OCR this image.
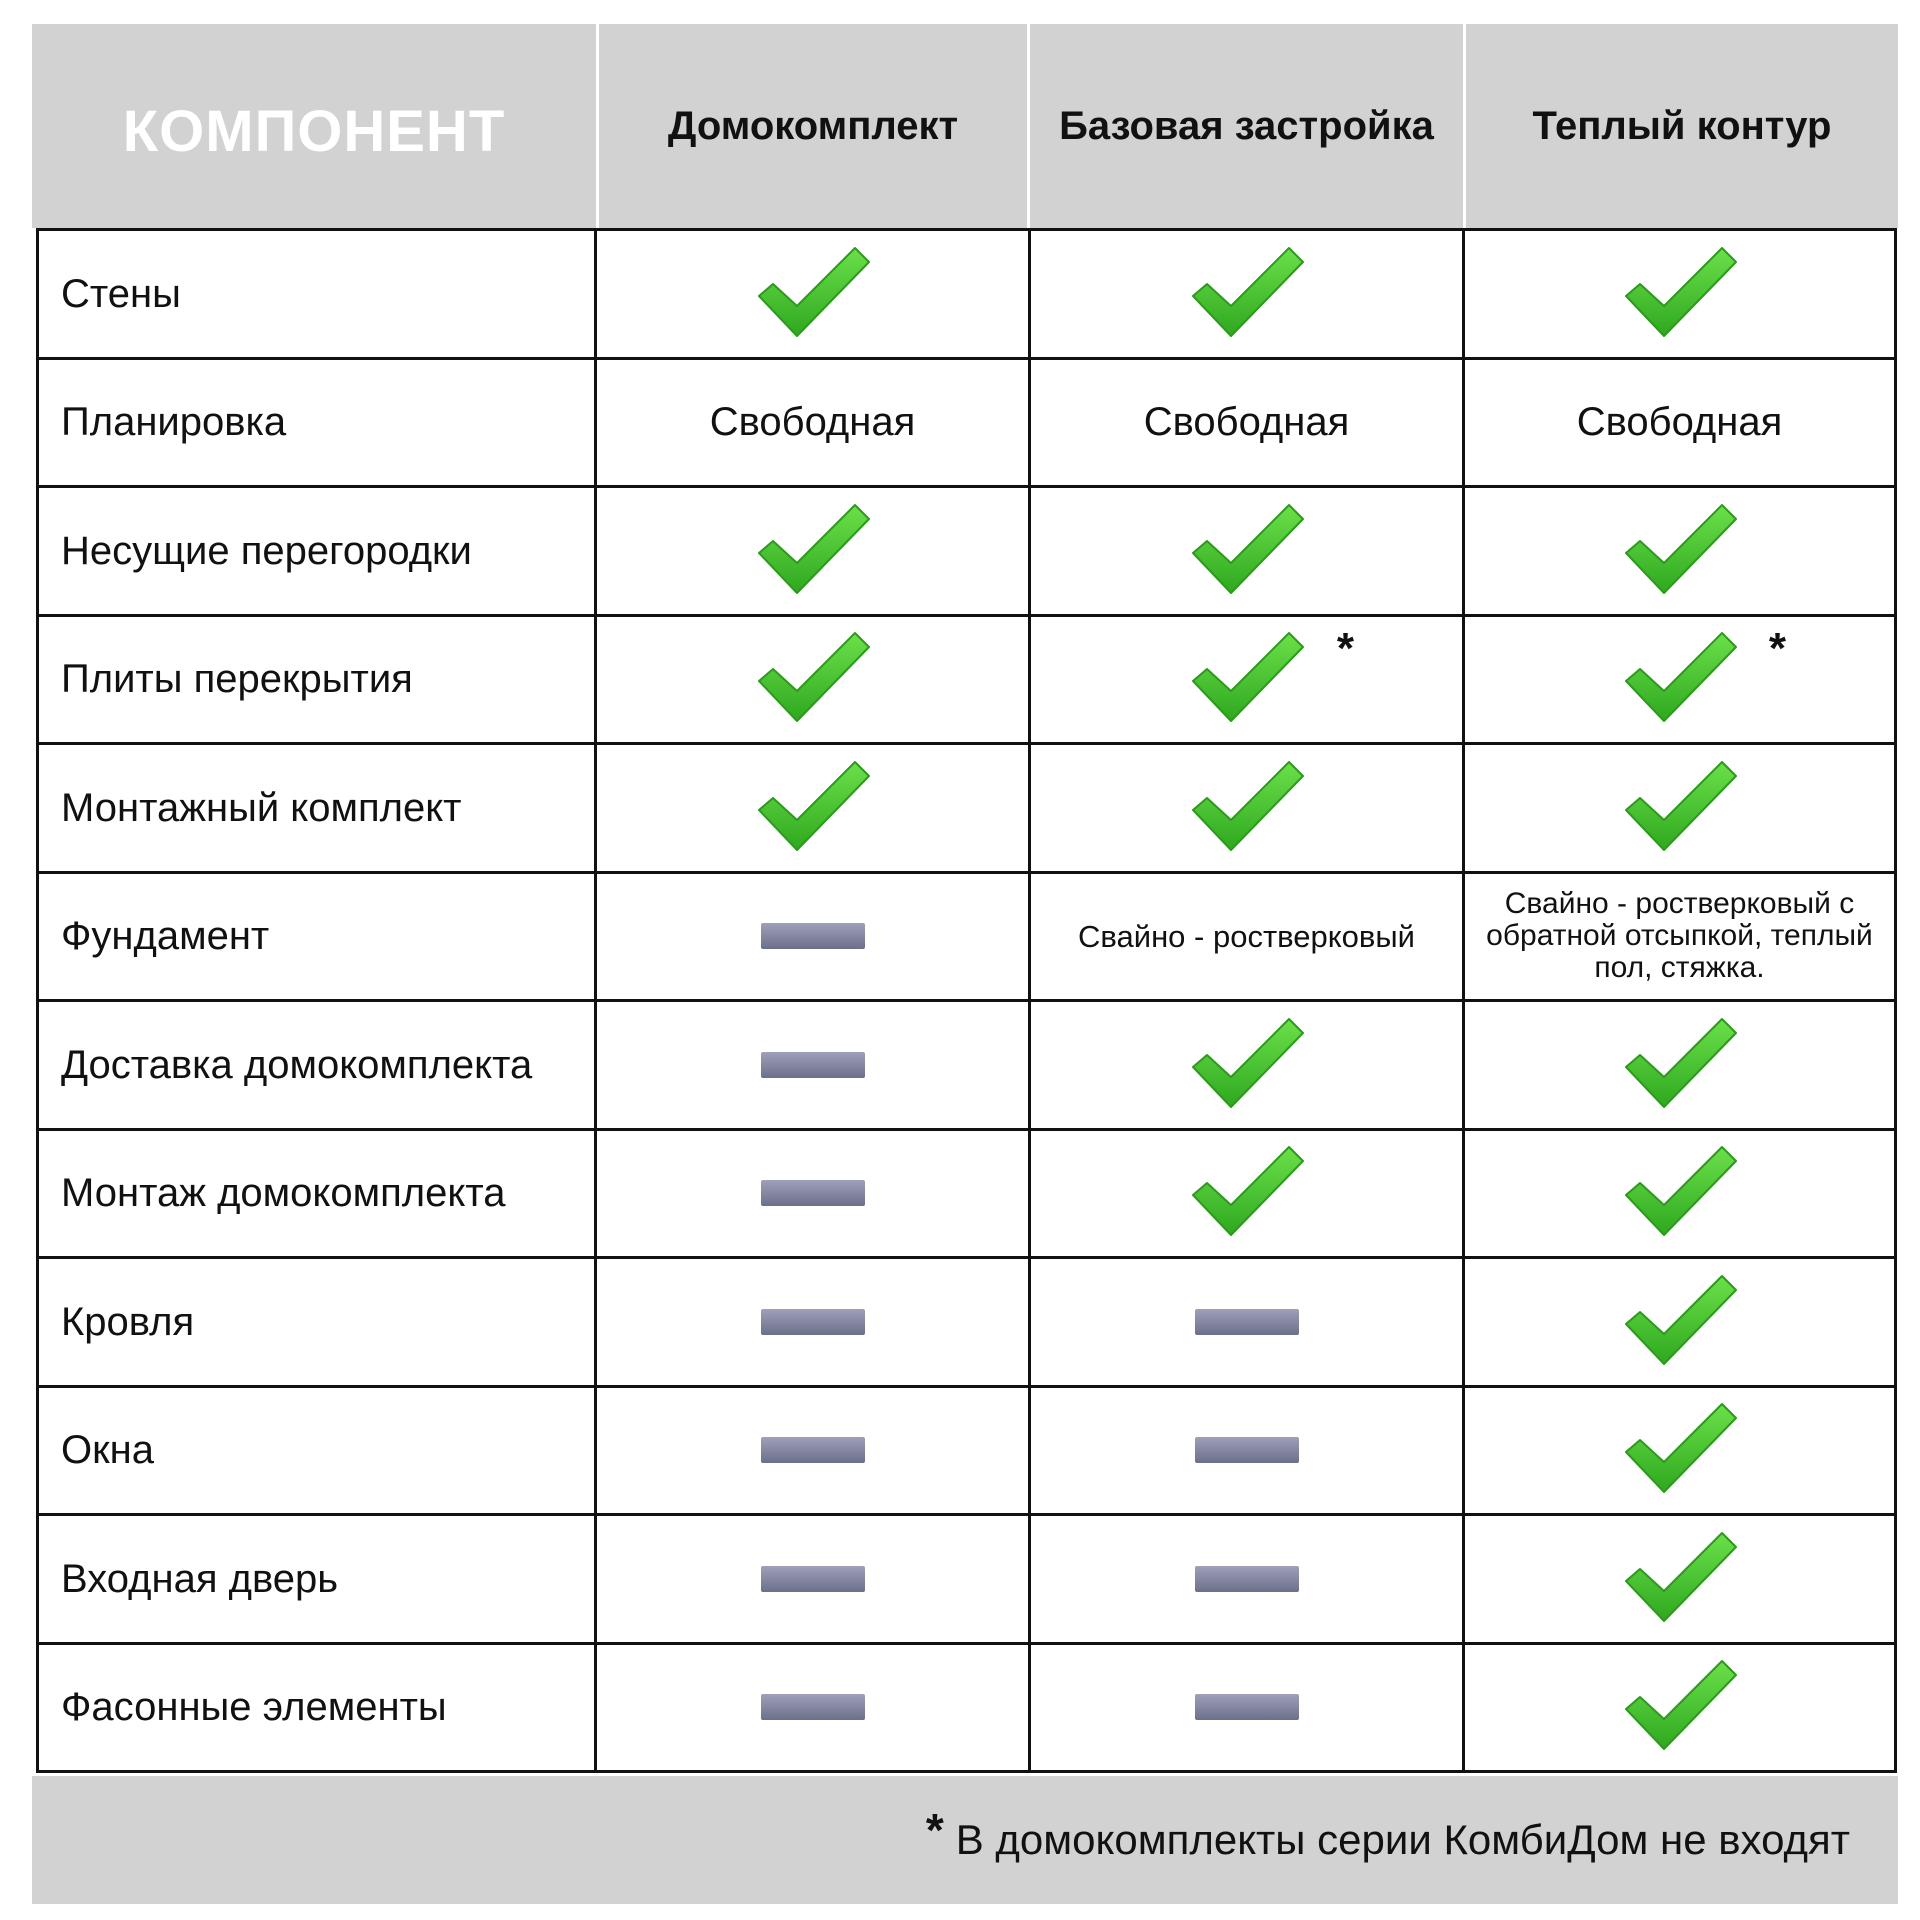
КОМПОНЕНТ	Домокомплект	Базовая застройка	Теплый контур
Стены			
Планировка	Свободная	Свободная	Свободная
Несущие перегородки			
Плиты перекрытия		*	*

Монтажный комплект			
Фундамент		Свайно - ростверковый	Свайно - ростверковый с обратной отсыпкой, теплый пол, стяжка.
Доставка домокомплекта			
Монтаж домокомплекта			
Кровля			
Окна			
Входная дверь			
Фасонные элементы			
* В домокомплекты серии КомбиДом не входят
